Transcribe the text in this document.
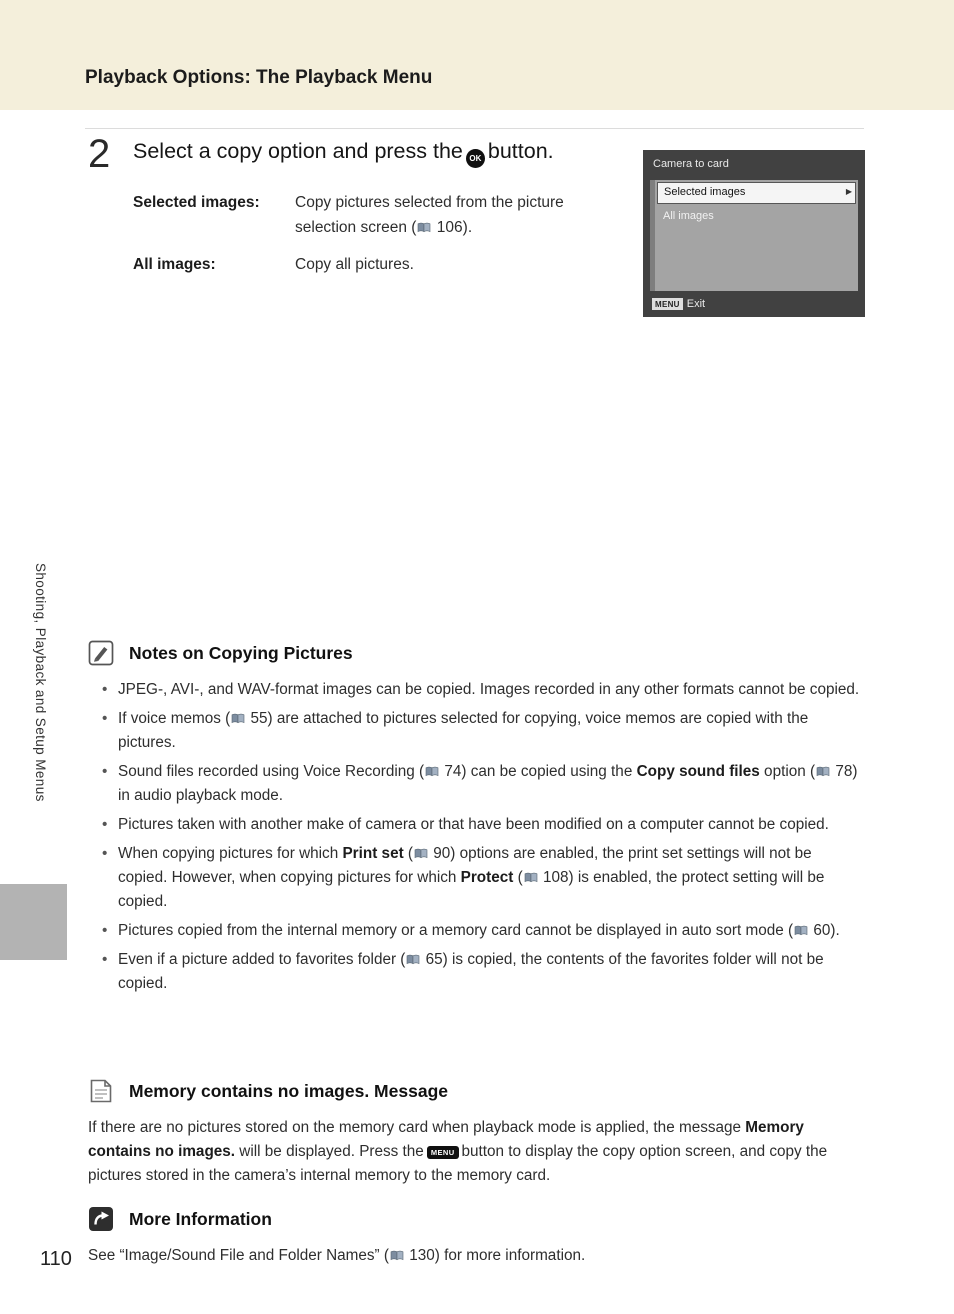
Playback Options: The Playback Menu
Shooting, Playback and Setup Menus
110
2 Select a copy option and press the OK button.
Selected images:	Copy pictures selected from the picture selection screen ( 106).
All images:	Copy all pictures.
Camera to card
Selected images	▶
All images
MENU Exit
Notes on Copying Pictures
• JPEG-, AVI-, and WAV-format images can be copied. Images recorded in any other formats cannot be copied.
• If voice memos ( 55) are attached to pictures selected for copying, voice memos are copied with the pictures.
• Sound files recorded using Voice Recording ( 74) can be copied using the Copy sound files option ( 78) in audio playback mode.
• Pictures taken with another make of camera or that have been modified on a computer cannot be copied.
• When copying pictures for which Print set ( 90) options are enabled, the print set settings will not be copied. However, when copying pictures for which Protect ( 108) is enabled, the protect setting will be copied.
• Pictures copied from the internal memory or a memory card cannot be displayed in auto sort mode ( 60).
• Even if a picture added to favorites folder ( 65) is copied, the contents of the favorites folder will not be copied.
Memory contains no images. Message

If there are no pictures stored on the memory card when playback mode is applied, the message Memory contains no images. will be displayed. Press the MENU button to display the copy option screen, and copy the pictures stored in the camera’s internal memory to the memory card.

More Information

See “Image/Sound File and Folder Names” ( 130) for more information.
